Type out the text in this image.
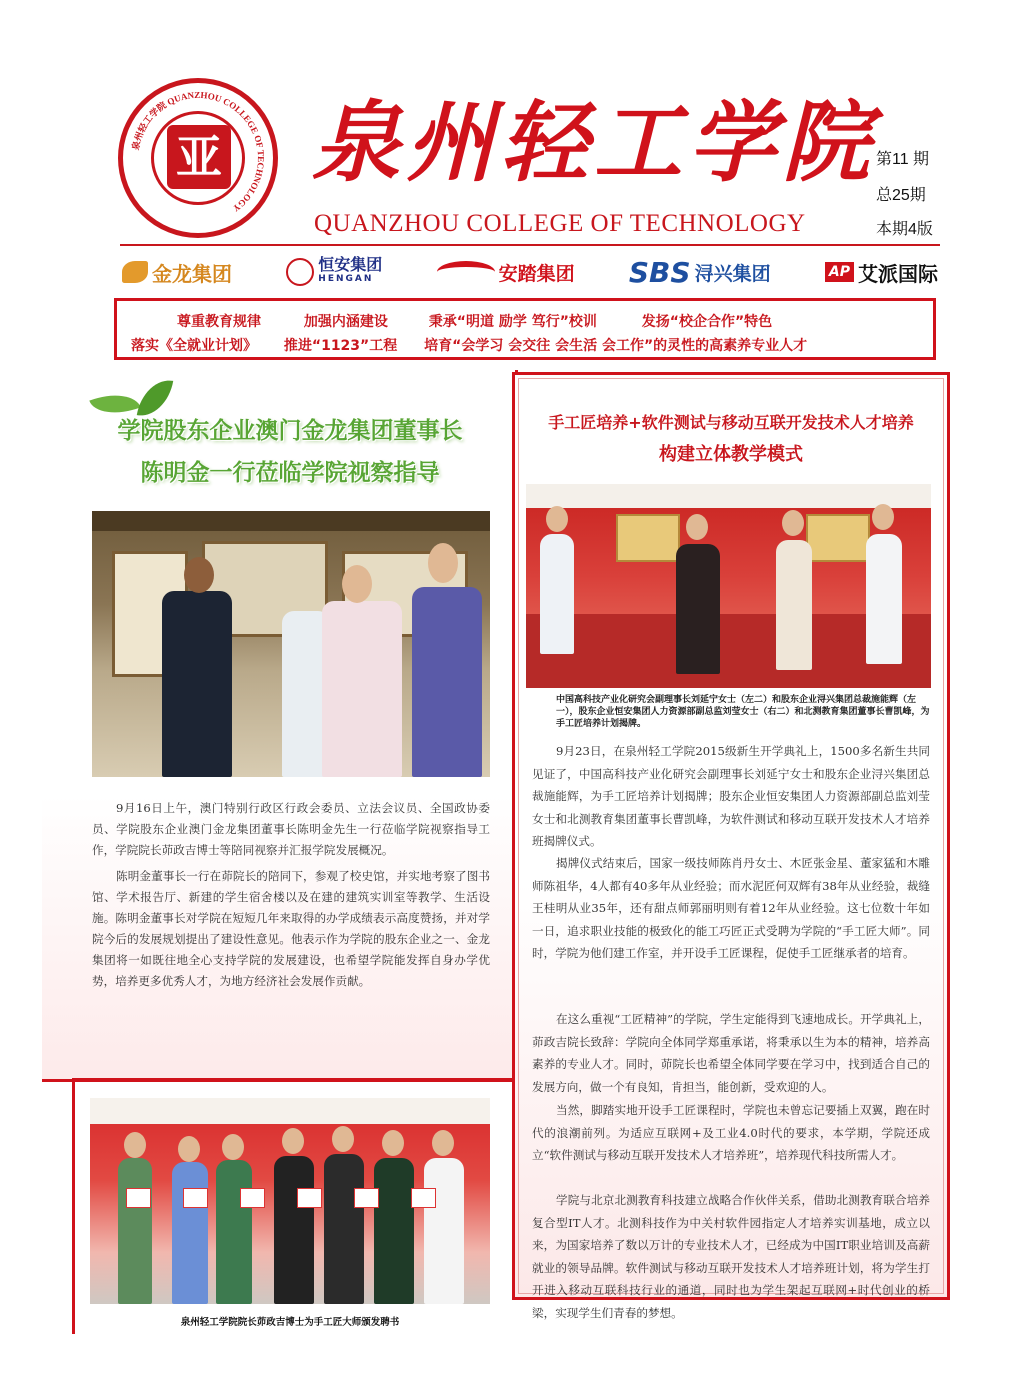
泉州轻工学院 QUANZHOU COLLEGE OF TECHNOLOGY
亚 泉州轻工学院
QUANZHOU COLLEGE OF TECHNOLOGY
第11 期
总25期
本期4版
金龙集团	恒安集团
HENGAN	安踏集团 SBS 浔兴集团	AP 艾派国际
尊重教育规律	加强内涵建设	秉承“明道 励学 笃行”校训	发扬“校企合作”特色
落实《全就业计划》 推进“1123”工程 培育“会学习 会交往 会生活 会工作”的灵性的高素养专业人才
学院股东企业澳门金龙集团董事长
陈明金一行莅临学院视察指导
9月16日上午，澳门特别行政区行政会委员、立法会议员、全国政协委员、学院股东企业澳门金龙集团董事长陈明金先生一行莅临学院视察指导工作，学院院长茆政吉博士等陪同视察并汇报学院发展概况。
陈明金董事长一行在茆院长的陪同下，参观了校史馆，并实地考察了图书馆、学术报告厅、新建的学生宿舍楼以及在建的建筑实训室等教学、生活设施。陈明金董事长对学院在短短几年来取得的办学成绩表示高度赞扬，并对学院今后的发展规划提出了建设性意见。他表示作为学院的股东企业之一、金龙集团将一如既往地全心支持学院的发展建设，也希望学院能发挥自身办学优势，培养更多优秀人才，为地方经济社会发展作贡献。
手工匠培养+软件测试与移动互联开发技术人才培养
构建立体教学模式
中国高科技产业化研究会副理事长刘延宁女士（左二）和股东企业浔兴集团总裁施能辉（左一），股东企业恒安集团人力资源部副总监刘莹女士（右二）和北测教育集团董事长曹凯峰，为手工匠培养计划揭牌。
9月23日，在泉州轻工学院2015级新生开学典礼上，1500多名新生共同见证了，中国高科技产业化研究会副理事长刘延宁女士和股东企业浔兴集团总裁施能辉，为手工匠培养计划揭牌；股东企业恒安集团人力资源部副总监刘莹女士和北测教育集团董事长曹凯峰，为软件测试和移动互联开发技术人才培养班揭牌仪式。
揭牌仪式结束后，国家一级技师陈肖丹女士、木匠张金星、董家猛和木雕师陈祖华，4人都有40多年从业经验；而水泥匠何双辉有38年从业经验，裁缝王桂明从业35年，还有甜点师郭丽明则有着12年从业经验。这七位数十年如一日，追求职业技能的极致化的能工巧匠正式受聘为学院的“手工匠大师”。同时，学院为他们建工作室，并开设手工匠课程，促使手工匠继承者的培育。
在这么重视“工匠精神”的学院，学生定能得到飞速地成长。开学典礼上，茆政吉院长致辞：学院向全体同学郑重承诺，将秉承以生为本的精神，培养高素养的专业人才。同时，茆院长也希望全体同学要在学习中，找到适合自己的发展方向，做一个有良知，肯担当，能创新，受欢迎的人。
当然，脚踏实地开设手工匠课程时，学院也未曾忘记要插上双翼，跑在时代的浪潮前列。为适应互联网+及工业4.0时代的要求，本学期，学院还成立“软件测试与移动互联开发技术人才培养班”，培养现代科技所需人才。
学院与北京北测教育科技建立战略合作伙伴关系，借助北测教育联合培养复合型IT人才。北测科技作为中关村软件园指定人才培养实训基地，成立以来，为国家培养了数以万计的专业技术人才，已经成为中国IT职业培训及高薪就业的领导品牌。软件测试与移动互联开发技术人才培养班计划，将为学生打开进入移动互联科技行业的通道，同时也为学生架起互联网+时代创业的桥梁，实现学生们青春的梦想。
泉州轻工学院院长茆政吉博士为手工匠大师颁发聘书
